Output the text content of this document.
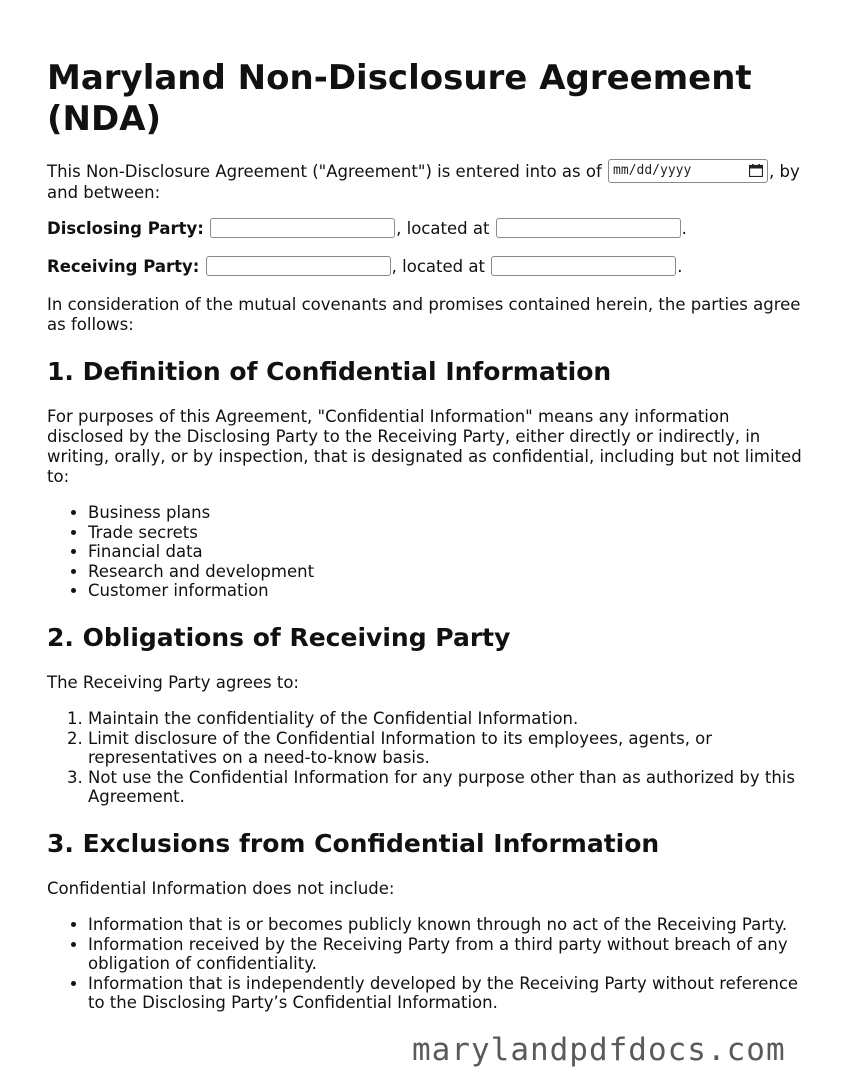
Maryland Non-Disclosure Agreement (NDA)

This Non-Disclosure Agreement ("Agreement") is entered into as of mm/dd/yyyy	, by and between:

Disclosing Party:	, located at	.
Receiving Party:	, located at	.

In consideration of the mutual covenants and promises contained herein, the parties agree as follows:

1. Definition of Confidential Information

For purposes of this Agreement, "Confidential Information" means any information disclosed by the Disclosing Party to the Receiving Party, either directly or indirectly, in writing, orally, or by inspection, that is designated as confidential, including but not limited to:

• Business plans
• Trade secrets
• Financial data
• Research and development
• Customer information
2. Obligations of Receiving Party

The Receiving Party agrees to:

1. Maintain the confidentiality of the Confidential Information.
2. Limit disclosure of the Confidential Information to its employees, agents, or representatives on a need-to-know basis.
3. Not use the Confidential Information for any purpose other than as authorized by this Agreement.
3. Exclusions from Confidential Information

Confidential Information does not include:

• Information that is or becomes publicly known through no act of the Receiving Party.
• Information received by the Receiving Party from a third party without breach of any obligation of confidentiality.
• Information that is independently developed by the Receiving Party without reference to the Disclosing Party’s Confidential Information.
marylandpdfdocs.com
